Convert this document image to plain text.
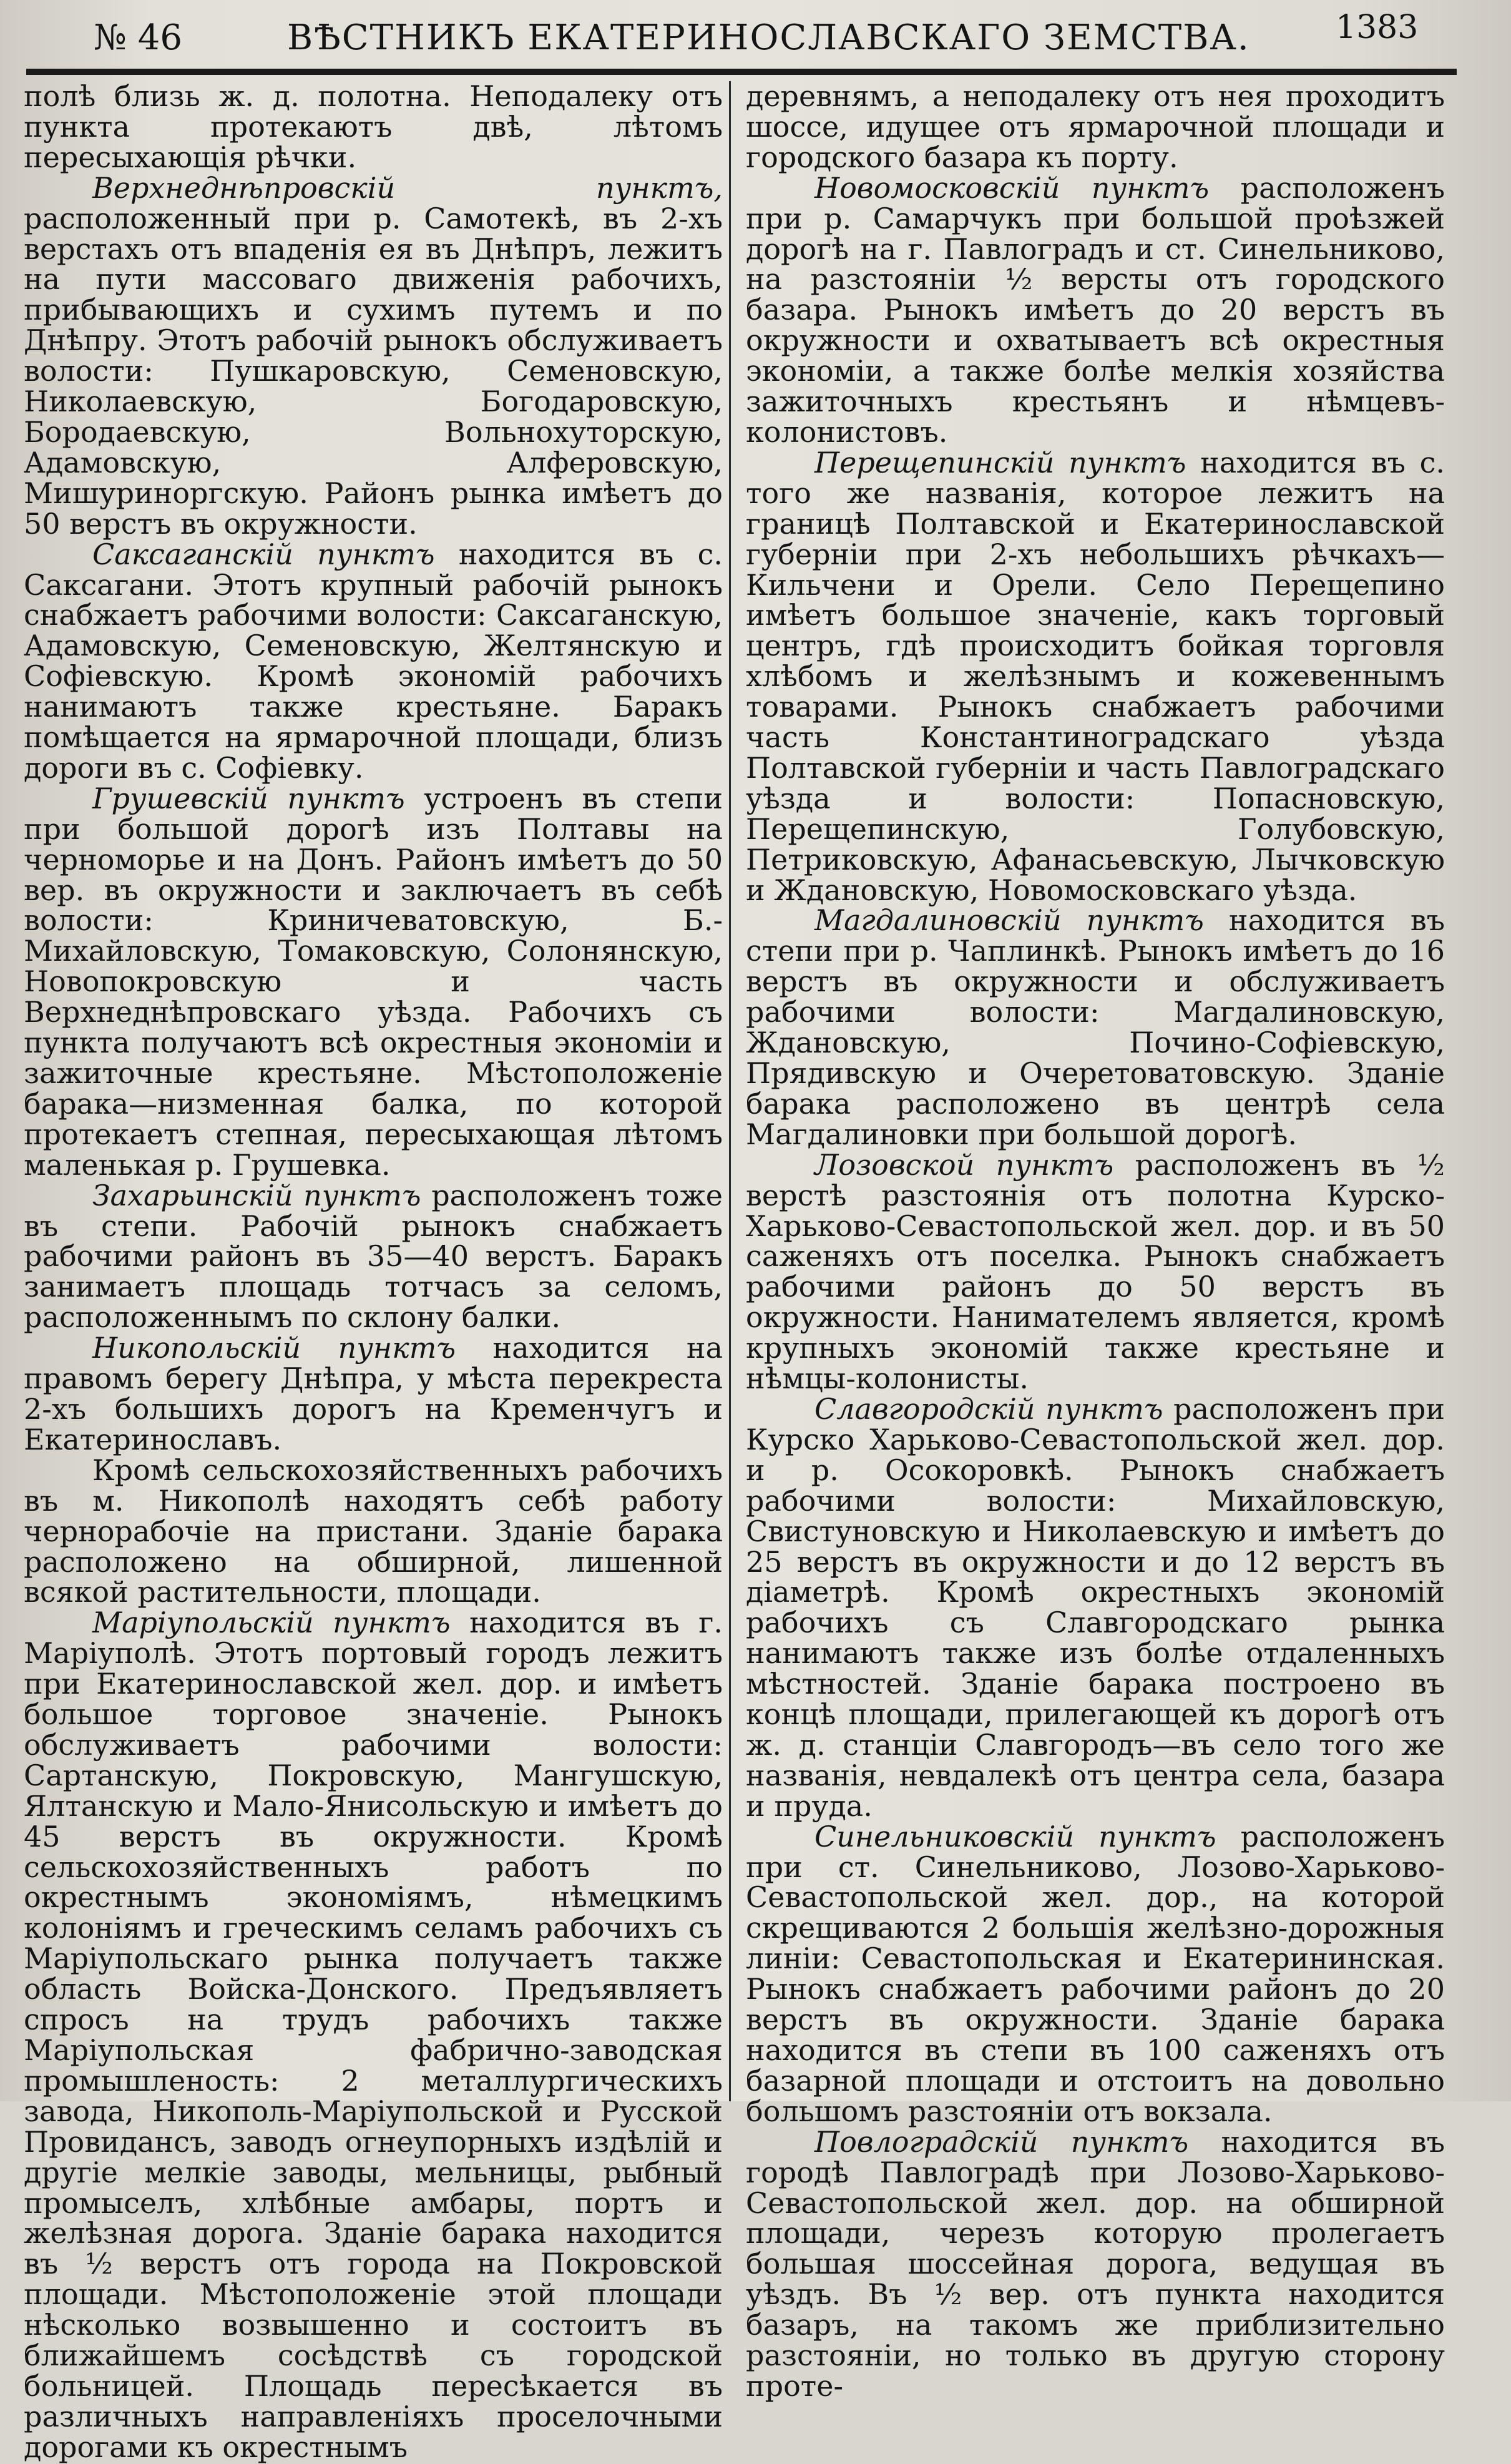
№ 46	ВѢСТНИКЪ ЕКАТЕРИНОСЛАВСКАГО ЗЕМСТВА.	1383

полѣ близь ж. д. полотна. Неподалеку отъ пункта протекаютъ двѣ, лѣтомъ пересыхающія рѣчки.

Верхнеднѣпровскій пунктъ, расположенный при р. Самотекѣ, въ 2-хъ верстахъ отъ впаденія ея въ Днѣпръ, лежитъ на пути массоваго движенія рабочихъ, прибывающихъ и сухимъ путемъ и по Днѣпру. Этотъ рабочій рынокъ обслуживаетъ волости: Пушкаровскую, Семеновскую, Николаевскую, Богодаровскую, Бородаевскую, Вольнохуторскую, Адамовскую, Алферовскую, Мишуриноргскую. Районъ рынка имѣетъ до 50 верстъ въ окружности.

Саксаганскій пунктъ находится въ с. Саксагани. Этотъ крупный рабочій рынокъ снабжаетъ рабочими волости: Саксаганскую, Адамовскую, Семеновскую, Желтянскую и Софіевскую. Кромѣ экономій рабочихъ нанимаютъ также крестьяне. Баракъ помѣщается на ярмарочной площади, близъ дороги въ с. Софіевку.

Грушевскій пунктъ устроенъ въ степи при большой дорогѣ изъ Полтавы на черноморье и на Донъ. Районъ имѣетъ до 50 вер. въ окружности и заключаетъ въ себѣ волости: Криничеватовскую, Б.-Михайловскую, Томаковскую, Солонянскую, Новопокровскую и часть Верхнеднѣпровскаго уѣзда. Рабочихъ съ пункта получаютъ всѣ окрестныя экономіи и зажиточные крестьяне. Мѣстоположеніе барака—низменная балка, по которой протекаетъ степная, пересыхающая лѣтомъ маленькая р. Грушевка.

Захарьинскій пунктъ расположенъ тоже въ степи. Рабочій рынокъ снабжаетъ рабочими районъ въ 35—40 верстъ. Баракъ занимаетъ площадь тотчасъ за селомъ, расположеннымъ по склону балки.

Никопольскій пунктъ находится на правомъ берегу Днѣпра, у мѣста перекреста 2-хъ большихъ дорогъ на Кременчугъ и Екатеринославъ.

Кромѣ сельскохозяйственныхъ рабочихъ въ м. Никополѣ находятъ себѣ работу чернорабочіе на пристани. Зданіе барака расположено на обширной, лишенной всякой растительности, площади.

Маріупольскій пунктъ находится въ г. Маріуполѣ. Этотъ портовый городъ лежитъ при Екатеринославской жел. дор. и имѣетъ большое торговое значеніе. Рынокъ обслуживаетъ рабочими волости: Сартанскую, Покровскую, Мангушскую, Ялтанскую и Мало-Янисольскую и имѣетъ до 45 верстъ въ окружности. Кромѣ сельскохозяйственныхъ работъ по окрестнымъ экономіямъ, нѣмецкимъ колоніямъ и греческимъ селамъ рабочихъ съ Маріупольскаго рынка получаетъ также область Войска-Донского. Предъявляетъ спросъ на трудъ рабочихъ также Маріупольская фабрично-заводская промышленость: 2 металлургическихъ завода, Никополь-Маріупольской и Русской Провидансъ, заводъ огнеупорныхъ издѣлій и другіе мелкіе заводы, мельницы, рыбный промыселъ, хлѣбные амбары, портъ и желѣзная дорога. Зданіе барака находится въ ½ верстъ отъ города на Покровской площади. Мѣстоположеніе этой площади нѣсколько возвышенно и состоитъ въ ближайшемъ сосѣдствѣ съ городской больницей. Площадь пересѣкается въ различныхъ направленіяхъ проселочными дорогами къ окрестнымъ

деревнямъ, а неподалеку отъ нея проходитъ шоссе, идущее отъ ярмарочной площади и городского базара къ порту.

Новомосковскій пунктъ расположенъ при р. Самарчукъ при большой проѣзжей дорогѣ на г. Павлоградъ и ст. Синельниково, на разстояніи ½ версты отъ городского базара. Рынокъ имѣетъ до 20 верстъ въ окружности и охватываетъ всѣ окрестныя экономіи, а также болѣе мелкія хозяйства зажиточныхъ крестьянъ и нѣмцевъ-колонистовъ.

Перещепинскій пунктъ находится въ с. того же названія, которое лежитъ на границѣ Полтавской и Екатеринославской губерніи при 2-хъ небольшихъ рѣчкахъ—Кильчени и Орели. Село Перещепино имѣетъ большое значеніе, какъ торговый центръ, гдѣ происходитъ бойкая торговля хлѣбомъ и желѣзнымъ и кожевеннымъ товарами. Рынокъ снабжаетъ рабочими часть Константиноградскаго уѣзда Полтавской губерніи и часть Павлоградскаго уѣзда и волости: Попасновскую, Перещепинскую, Голубовскую, Петриковскую, Афанасьевскую, Лычковскую и Ждановскую, Новомосковскаго уѣзда.

Магдалиновскій пунктъ находится въ степи при р. Чаплинкѣ. Рынокъ имѣетъ до 16 верстъ въ окружности и обслуживаетъ рабочими волости: Магдалиновскую, Ждановскую, Почино-Софіевскую, Прядивскую и Очеретоватовскую. Зданіе барака расположено въ центрѣ села Магдалиновки при большой дорогѣ.

Лозовской пунктъ расположенъ въ ½ верстѣ разстоянія отъ полотна Курско-Харьково-Севастопольской жел. дор. и въ 50 саженяхъ отъ поселка. Рынокъ снабжаетъ рабочими районъ до 50 верстъ въ окружности. Нанимателемъ является, кромѣ крупныхъ экономій также крестьяне и нѣмцы-колонисты.

Славгородскій пунктъ расположенъ при Курско Харьково-Севастопольской жел. дор. и р. Осокоровкѣ. Рынокъ снабжаетъ рабочими волости: Михайловскую, Свистуновскую и Николаевскую и имѣетъ до 25 верстъ въ окружности и до 12 верстъ въ діаметрѣ. Кромѣ окрестныхъ экономій рабочихъ съ Славгородскаго рынка нанимаютъ также изъ болѣе отдаленныхъ мѣстностей. Зданіе барака построено въ концѣ площади, прилегающей къ дорогѣ отъ ж. д. станціи Славгородъ—въ село того же названія, невдалекѣ отъ центра села, базара и пруда.

Синельниковскій пунктъ расположенъ при ст. Синельниково, Лозово-Харьково-Севастопольской жел. дор., на которой скрещиваются 2 большія желѣзно-дорожныя линіи: Севастопольская и Екатерининская. Рынокъ снабжаетъ рабочими районъ до 20 верстъ въ окружности. Зданіе барака находится въ степи въ 100 саженяхъ отъ базарной площади и отстоитъ на довольно большомъ разстояніи отъ вокзала.

Повлоградскій пунктъ находится въ городѣ Павлоградѣ при Лозово-Харьково-Севастопольской жел. дор. на обширной площади, черезъ которую пролегаетъ большая шоссейная дорога, ведущая въ уѣздъ. Въ ½ вер. отъ пункта находится базаръ, на такомъ же приблизительно разстояніи, но только въ другую сторону проте-
